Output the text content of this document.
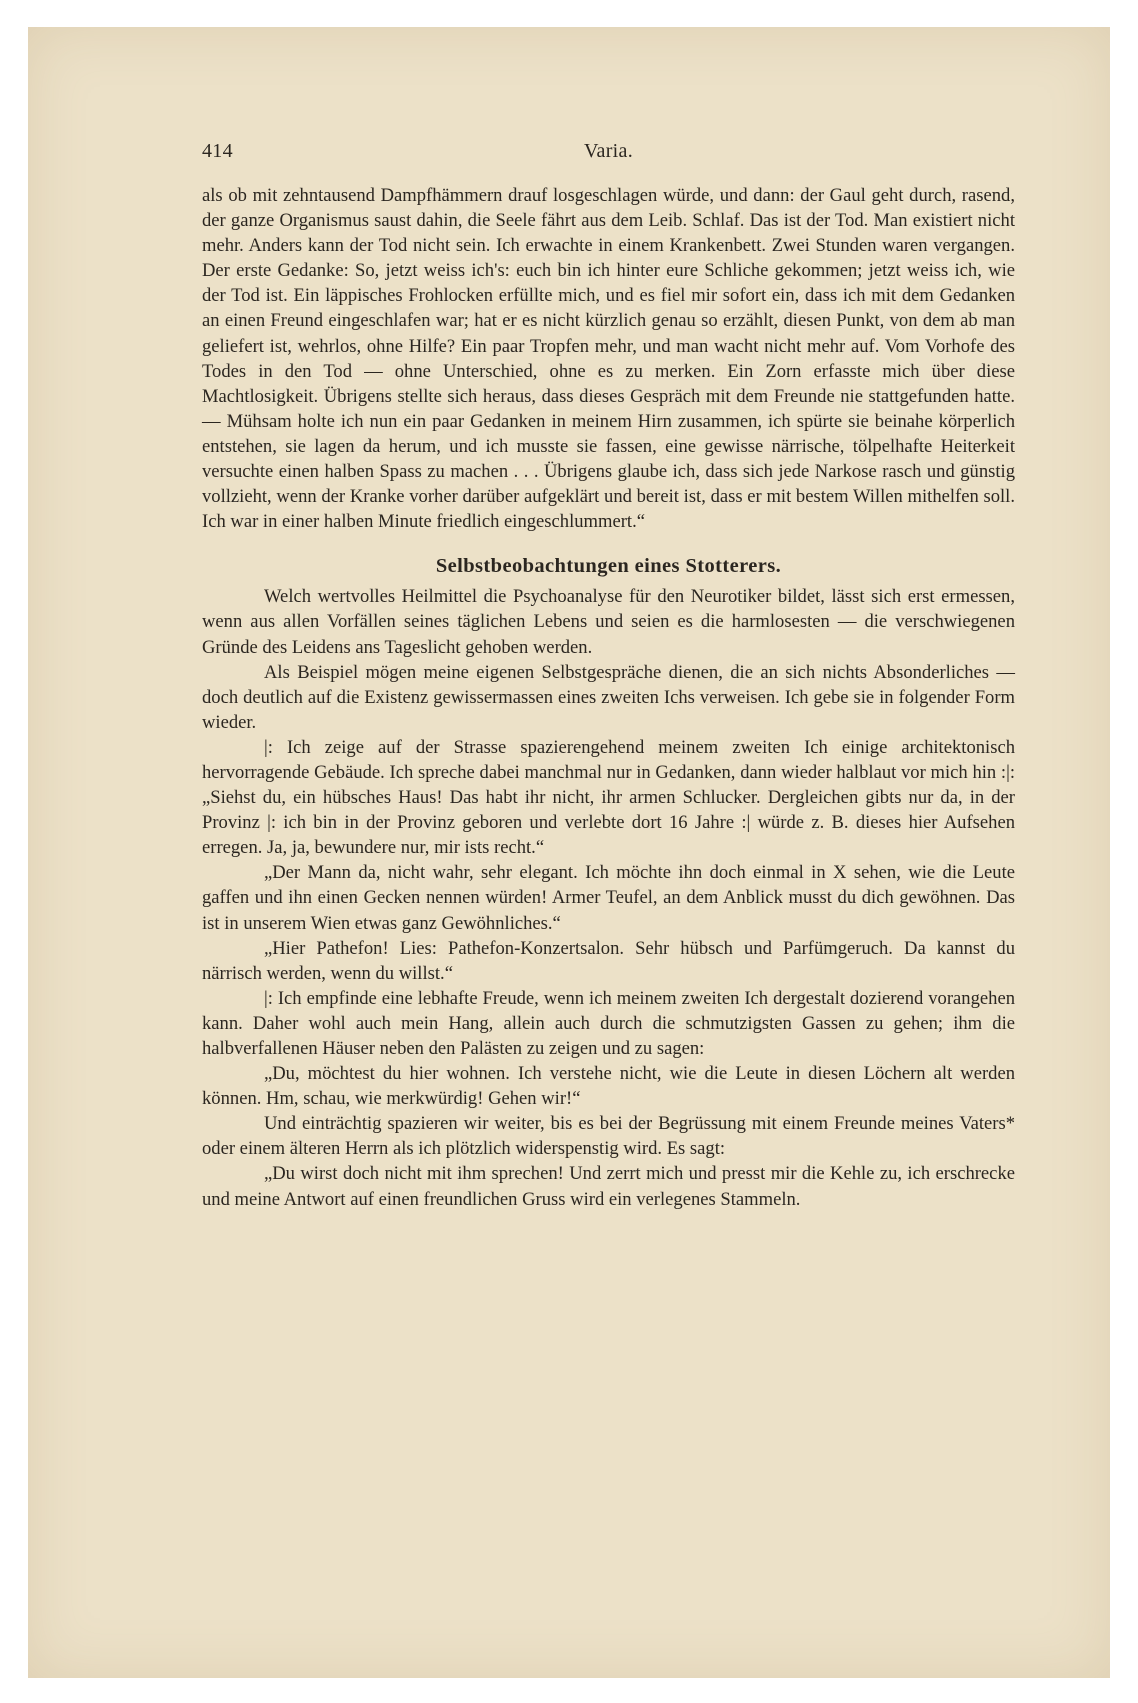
414	Varia.

als ob mit zehntausend Dampfhämmern drauf losgeschlagen würde, und dann: der Gaul geht durch, rasend, der ganze Organismus saust dahin, die Seele fährt aus dem Leib. Schlaf. Das ist der Tod. Man existiert nicht mehr. Anders kann der Tod nicht sein. Ich erwachte in einem Krankenbett. Zwei Stunden waren vergangen. Der erste Gedanke: So, jetzt weiss ich's: euch bin ich hinter eure Schliche gekommen; jetzt weiss ich, wie der Tod ist. Ein läppisches Frohlocken erfüllte mich, und es fiel mir sofort ein, dass ich mit dem Gedanken an einen Freund eingeschlafen war; hat er es nicht kürzlich genau so erzählt, diesen Punkt, von dem ab man geliefert ist, wehrlos, ohne Hilfe? Ein paar Tropfen mehr, und man wacht nicht mehr auf. Vom Vorhofe des Todes in den Tod — ohne Unterschied, ohne es zu merken. Ein Zorn erfasste mich über diese Machtlosigkeit. Übrigens stellte sich heraus, dass dieses Gespräch mit dem Freunde nie stattgefunden hatte. — Mühsam holte ich nun ein paar Gedanken in meinem Hirn zusammen, ich spürte sie beinahe körperlich entstehen, sie lagen da herum, und ich musste sie fassen, eine gewisse närrische, tölpelhafte Heiterkeit versuchte einen halben Spass zu machen . . . Übrigens glaube ich, dass sich jede Narkose rasch und günstig vollzieht, wenn der Kranke vorher darüber aufgeklärt und bereit ist, dass er mit bestem Willen mithelfen soll. Ich war in einer halben Minute friedlich eingeschlummert.“

Selbstbeobachtungen eines Stotterers.

Welch wertvolles Heilmittel die Psychoanalyse für den Neurotiker bildet, lässt sich erst ermessen, wenn aus allen Vorfällen seines täglichen Lebens und seien es die harmlosesten — die verschwiegenen Gründe des Leidens ans Tageslicht gehoben werden.

Als Beispiel mögen meine eigenen Selbstgespräche dienen, die an sich nichts Absonderliches — doch deutlich auf die Existenz gewissermassen eines zweiten Ichs verweisen. Ich gebe sie in folgender Form wieder.

|: Ich zeige auf der Strasse spazierengehend meinem zweiten Ich einige architektonisch hervorragende Gebäude. Ich spreche dabei manchmal nur in Gedanken, dann wieder halblaut vor mich hin :|: „Siehst du, ein hübsches Haus! Das habt ihr nicht, ihr armen Schlucker. Dergleichen gibts nur da, in der Provinz |: ich bin in der Provinz geboren und verlebte dort 16 Jahre :| würde z. B. dieses hier Aufsehen erregen. Ja, ja, bewundere nur, mir ists recht.“

„Der Mann da, nicht wahr, sehr elegant. Ich möchte ihn doch einmal in X sehen, wie die Leute gaffen und ihn einen Gecken nennen würden! Armer Teufel, an dem Anblick musst du dich gewöhnen. Das ist in unserem Wien etwas ganz Gewöhnliches.“

„Hier Pathefon! Lies: Pathefon-Konzertsalon. Sehr hübsch und Parfümgeruch. Da kannst du närrisch werden, wenn du willst.“

|: Ich empfinde eine lebhafte Freude, wenn ich meinem zweiten Ich dergestalt dozierend vorangehen kann. Daher wohl auch mein Hang, allein auch durch die schmutzigsten Gassen zu gehen; ihm die halbverfallenen Häuser neben den Palästen zu zeigen und zu sagen:

„Du, möchtest du hier wohnen. Ich verstehe nicht, wie die Leute in diesen Löchern alt werden können. Hm, schau, wie merkwürdig! Gehen wir!“

Und einträchtig spazieren wir weiter, bis es bei der Begrüssung mit einem Freunde meines Vaters* oder einem älteren Herrn als ich plötzlich widerspenstig wird. Es sagt:

„Du wirst doch nicht mit ihm sprechen! Und zerrt mich und presst mir die Kehle zu, ich erschrecke und meine Antwort auf einen freundlichen Gruss wird ein verlegenes Stammeln.
